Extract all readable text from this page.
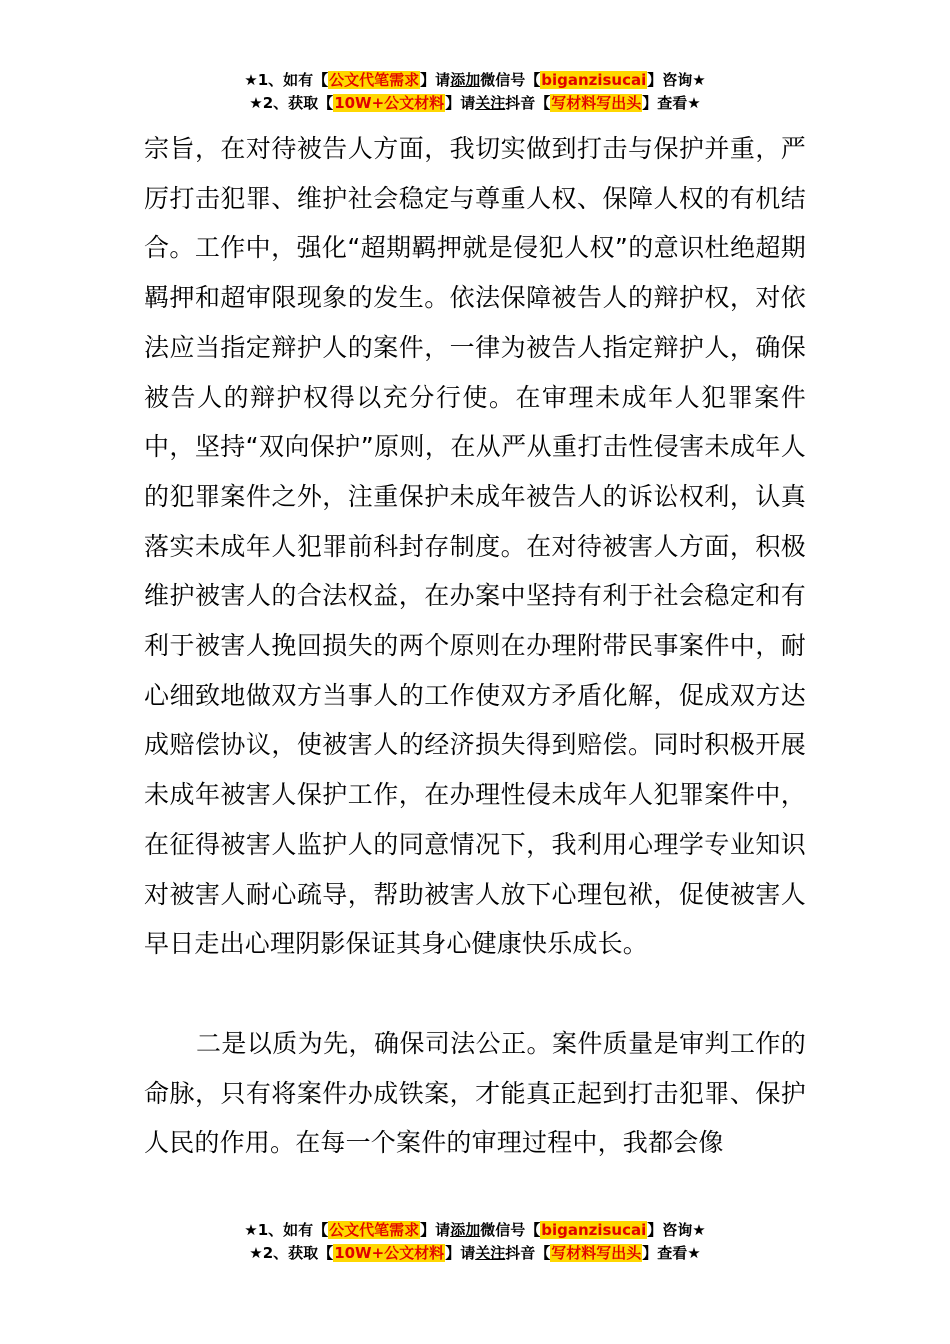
★1、如有【公文代笔需求】请添加微信号【biganzisucai】咨询★
★2、获取【10W+公文材料】请关注抖音【写材料写出头】查看★

宗旨，在对待被告人方面，我切实做到打击与保护并重，严厉打击犯罪、维护社会稳定与尊重人权、保障人权的有机结合。工作中，强化“超期羁押就是侵犯人权”的意识杜绝超期羁押和超审限现象的发生。依法保障被告人的辩护权，对依法应当指定辩护人的案件，一律为被告人指定辩护人，确保被告人的辩护权得以充分行使。在审理未成年人犯罪案件中，坚持“双向保护”原则，在从严从重打击性侵害未成年人的犯罪案件之外，注重保护未成年被告人的诉讼权利，认真落实未成年人犯罪前科封存制度。在对待被害人方面，积极维护被害人的合法权益，在办案中坚持有利于社会稳定和有利于被害人挽回损失的两个原则在办理附带民事案件中，耐心细致地做双方当事人的工作使双方矛盾化解，促成双方达成赔偿协议，使被害人的经济损失得到赔偿。同时积极开展未成年被害人保护工作，在办理性侵未成年人犯罪案件中，在征得被害人监护人的同意情况下，我利用心理学专业知识对被害人耐心疏导，帮助被害人放下心理包袱，促使被害人早日走出心理阴影保证其身心健康快乐成长。

二是以质为先，确保司法公正。案件质量是审判工作的命脉，只有将案件办成铁案，才能真正起到打击犯罪、保护人民的作用。在每一个案件的审理过程中，我都会像

★1、如有【公文代笔需求】请添加微信号【biganzisucai】咨询★
★2、获取【10W+公文材料】请关注抖音【写材料写出头】查看★
